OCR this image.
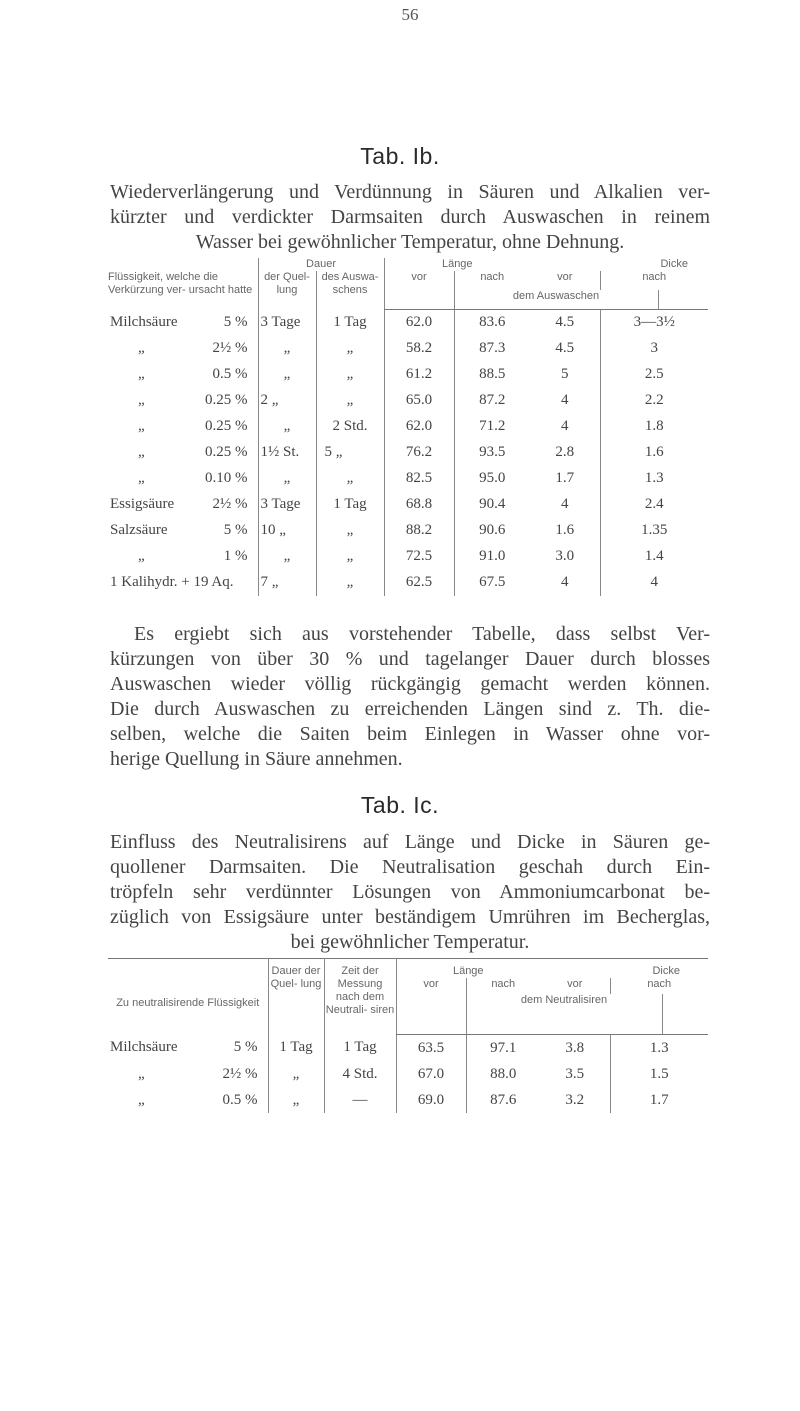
56
Tab. Ib.
Wiederverlängerung und Verdünnung in Säuren und Alkalien ver-
kürzter und verdickter Darmsaiten durch Auswaschen in reinem
Wasser bei gewöhnlicher Temperatur, ohne Dehnung.
Flüssigkeit, welche die Verkürzung ver- ursacht hatte		Dauer		Länge		Dicke		
		der Quel- lung	des Auswa- schens	vor	nach	vor	nach	
					dem Auswaschen			
Milchsäure	5 %	3 Tage	1 Tag	62.0	83.6	4.5	3—3½	
„	2½ %	„	„	58.2	87.3	4.5	3	
„	0.5 %	„	„	61.2	88.5	5	2.5	
„	0.25 %	2 „	„	65.0	87.2	4	2.2	
„	0.25 %	„	2 Std.	62.0	71.2	4	1.8	
„	0.25 %	1½ St.	5 „	76.2	93.5	2.8	1.6	
„	0.10 %	„	„	82.5	95.0	1.7	1.3	
Essigsäure	2½ %	3 Tage	1 Tag	68.8	90.4	4	2.4	
Salzsäure	5 %	10 „	„	88.2	90.6	1.6	1.35	
„	1 %	„	„	72.5	91.0	3.0	1.4	
1 Kalihydr. + 19 Aq.		7 „	„	62.5	67.5	4	4	
Es ergiebt sich aus vorstehender Tabelle, dass selbst Ver-
kürzungen von über 30 % und tagelanger Dauer durch blosses
Auswaschen wieder völlig rückgängig gemacht werden können.
Die durch Auswaschen zu erreichenden Längen sind z. Th. die-
selben, welche die Saiten beim Einlegen in Wasser ohne vor-
herige Quellung in Säure annehmen.
Tab. Ic.
Einfluss des Neutralisirens auf Länge und Dicke in Säuren ge-
quollener Darmsaiten. Die Neutralisation geschah durch Ein-
tröpfeln sehr verdünnter Lösungen von Ammoniumcarbonat be-
züglich von Essigsäure unter beständigem Umrühren im Becherglas,
bei gewöhnlicher Temperatur.
Zu neutralisirende Flüssigkeit		Dauer der Quel- lung	Zeit der Messung nach dem Neutrali- siren	Länge		Dicke		
				vor	nach	vor	nach	
					dem Neutralisiren			
Milchsäure	5 %	1 Tag	1 Tag	63.5	97.1	3.8	1.3	
„	2½ %	„	4 Std.	67.0	88.0	3.5	1.5	
„	0.5 %	„	—	69.0	87.6	3.2	1.7	
